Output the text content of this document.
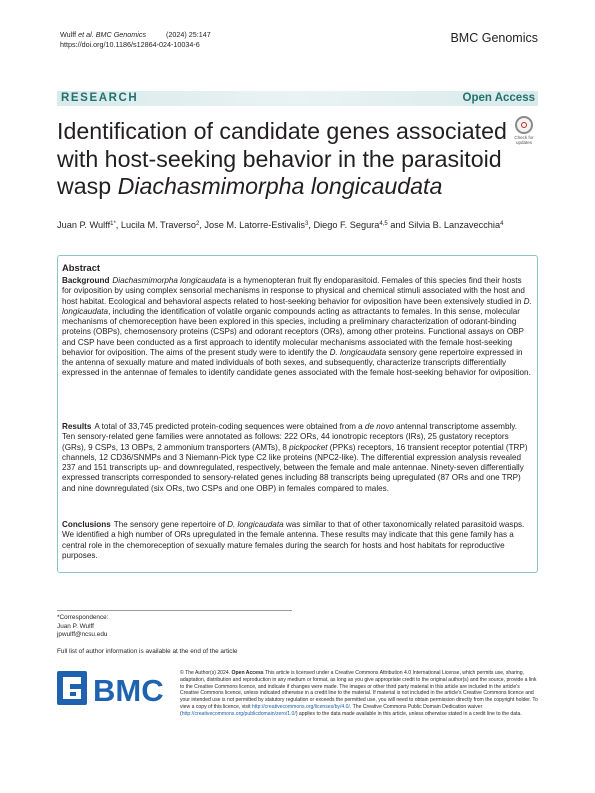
Wulff et al. BMC Genomics	(2024) 25:147
https://doi.org/10.1186/s12864-024-10034-6	BMC Genomics
RESEARCH	Open Access
Identification of candidate genes associated
with host-seeking behavior in the parasitoid
wasp Diachasmimorpha longicaudata
Check for
updates
Juan P. Wulff$^{1*}$, Lucila M. Traverso$^2$, Jose M. Latorre-Estivalis$^3$, Diego F. Segura$^{4,5}$ and Silvia B. Lanzavecchia$^4$
Abstract
Background Diachasmimorpha longicaudata is a hymenopteran fruit fly endoparasitoid. Females of this species find their hosts for oviposition by using complex sensorial mechanisms in response to physical and chemical stimuli associated with the host and host habitat. Ecological and behavioral aspects related to host-seeking behavior for oviposition have been extensively studied in D. longicaudata, including the identification of volatile organic compounds acting as attractants to females. In this sense, molecular mechanisms of chemoreception have been explored in this species, including a preliminary characterization of odorant-binding proteins (OBPs), chemosensory proteins (CSPs) and odorant receptors (ORs), among other proteins. Functional assays on OBP and CSP have been conducted as a first approach to identify molecular mechanisms associated with the female host-seeking behavior for oviposition. The aims of the present study were to identify the D. longicaudata sensory gene repertoire expressed in the antenna of sexually mature and mated individuals of both sexes, and subsequently, characterize transcripts differentially expressed in the antennae of females to identify candidate genes associated with the female host-seeking behavior for oviposition.
Results A total of 33,745 predicted protein-coding sequences were obtained from a de novo antennal transcriptome assembly. Ten sensory-related gene families were annotated as follows: 222 ORs, 44 ionotropic receptors (IRs), 25 gustatory receptors (GRs), 9 CSPs, 13 OBPs, 2 ammonium transporters (AMTs), 8 pickpocket (PPKs) receptors, 16 transient receptor potential (TRP) channels, 12 CD36/SNMPs and 3 Niemann-Pick type C2 like proteins (NPC2-like). The differential expression analysis revealed 237 and 151 transcripts up- and downregulated, respectively, between the female and male antennae. Ninety-seven differentially expressed transcripts corresponded to sensory-related genes including 88 transcripts being upregulated (87 ORs and one TRP) and nine downregulated (six ORs, two CSPs and one OBP) in females compared to males.
Conclusions The sensory gene repertoire of D. longicaudata was similar to that of other taxonomically related parasitoid wasps. We identified a high number of ORs upregulated in the female antenna. These results may indicate that this gene family has a central role in the chemoreception of sexually mature females during the search for hosts and host habitats for reproductive purposes.
*Correspondence:
Juan P. Wulff
jpwulff@ncsu.edu
Full list of author information is available at the end of the article
BMC	© The Author(s) 2024. Open Access This article is licensed under a Creative Commons Attribution 4.0 International License, which permits use, sharing, adaptation, distribution and reproduction in any medium or format, as long as you give appropriate credit to the original author(s) and the source, provide a link to the Creative Commons licence, and indicate if changes were made. The images or other third party material in this article are included in the article's Creative Commons licence, unless indicated otherwise in a credit line to the material. If material is not included in the article's Creative Commons licence and your intended use is not permitted by statutory regulation or exceeds the permitted use, you will need to obtain permission directly from the copyright holder. To view a copy of this licence, visit http://creativecommons.org/licenses/by/4.0/. The Creative Commons Public Domain Dedication waiver (http://creativecommons.org/publicdomain/zero/1.0/) applies to the data made available in this article, unless otherwise stated in a credit line to the data.
